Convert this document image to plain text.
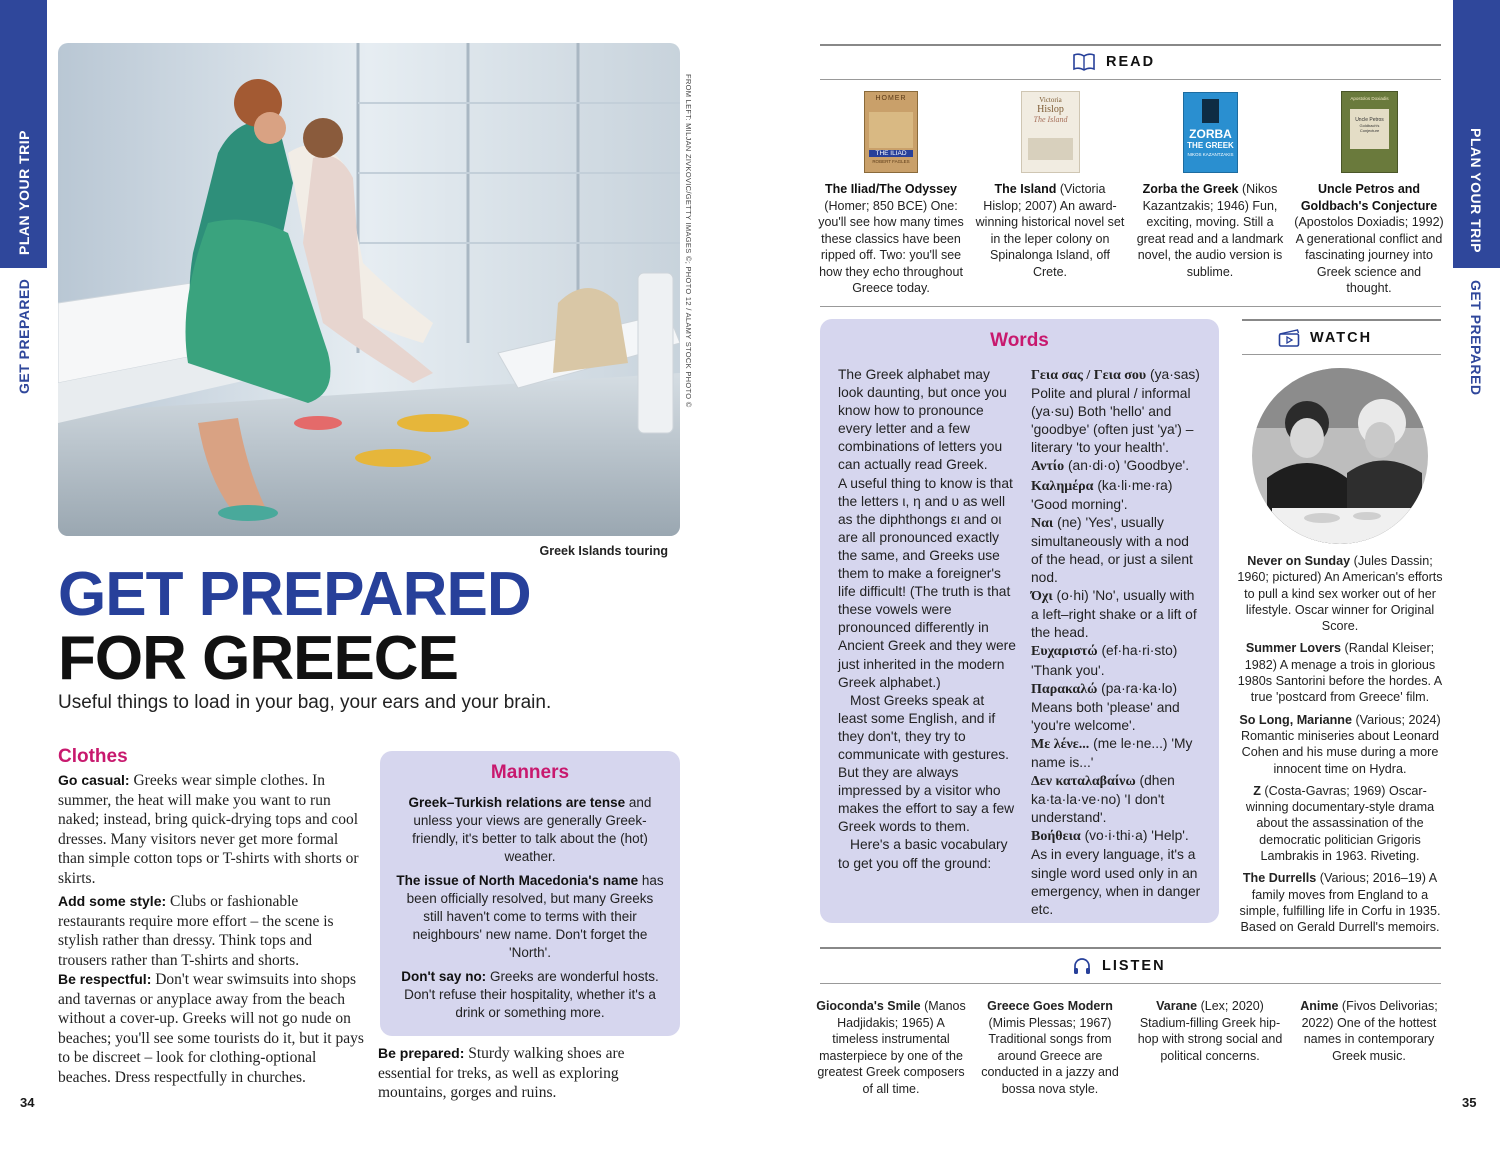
PLAN YOUR TRIP
GET PREPARED
PLAN YOUR TRIP
GET PREPARED
FROM LEFT: MILJAN ZIVKOVIC/GETTY IMAGES ©; PHOTO 12 / ALAMY STOCK PHOTO ©
Greek Islands touring
GET PREPARED
FOR GREECE
Useful things to load in your bag, your ears and your brain.
Clothes

Go casual: Greeks wear simple clothes. In summer, the heat will make you want to run naked; instead, bring quick-drying tops and cool dresses. Many visitors never get more formal than simple cotton tops or T-shirts with shorts or skirts.

Add some style: Clubs or fashionable restaurants require more effort – the scene is stylish rather than dressy. Think tops and trousers rather than T-shirts and shorts.

Be respectful: Don't wear swimsuits into shops and tavernas or anyplace away from the beach without a cover-up. Greeks will not go nude on beaches; you'll see some tourists do it, but it pays to be discreet – look for clothing-optional beaches. Dress respectfully in churches.

Manners

Greek–Turkish relations are tense and unless your views are generally Greek-friendly, it's better to talk about the (hot) weather.

The issue of North Macedonia's name has been officially resolved, but many Greeks still haven't come to terms with their neighbours' new name. Don't forget the 'North'.

Don't say no: Greeks are wonderful hosts. Don't refuse their hospitality, whether it's a drink or something more.

Be prepared: Sturdy walking shoes are essential for treks, as well as exploring mountains, gorges and ruins.
34	35
READ
HOMER
THE ILIAD
ROBERT FAGLES
Victoria
Hislop
The Island
ZORBA
THE GREEK
NIKOS KAZANTZAKIS
Apostolos Doxiadis
Uncle Petros
Goldbach's Conjecture
The Iliad/The Odyssey (Homer; 850 BCE) One: you'll see how many times these classics have been ripped off. Two: you'll see how they echo throughout Greece today.
The Island (Victoria Hislop; 2007) An award-winning historical novel set in the leper colony on Spinalonga Island, off Crete.
Zorba the Greek (Nikos Kazantzakis; 1946) Fun, exciting, moving. Still a great read and a landmark novel, the audio version is sublime.
Uncle Petros and Goldbach's Conjecture (Apostolos Doxiadis; 1992) A generational conflict and fascinating journey into Greek science and thought.
Words

The Greek alphabet may look daunting, but once you know how to pronounce every letter and a few combinations of letters you can actually read Greek.

A useful thing to know is that the letters ι, η and υ as well as the diphthongs ει and οι are all pronounced exactly the same, and Greeks use them to make a foreigner's life difficult! (The truth is that these vowels were pronounced differently in Ancient Greek and they were just inherited in the modern Greek alphabet.)

Most Greeks speak at least some English, and if they don't, they try to communicate with gestures. But they are always impressed by a visitor who makes the effort to say a few Greek words to them.

Here's a basic vocabulary to get you off the ground:

Γεια σας / Γεια σου (ya·sas) Polite and plural / informal (ya·su) Both 'hello' and 'goodbye' (often just 'ya') – literary 'to your health'.

Αντίο (an·di·o) 'Goodbye'.

Καλημέρα (ka·li·me·ra) 'Good morning'.

Ναι (ne) 'Yes', usually simultaneously with a nod of the head, or just a silent nod.

Όχι (o·hi) 'No', usually with a left–right shake or a lift of the head.

Ευχαριστώ (ef·ha·ri·sto) 'Thank you'.

Παρακαλώ (pa·ra·ka·lo) Means both 'please' and 'you're welcome'.

Με λένε... (me le·ne...) 'My name is...'

Δεν καταλαβαίνω (dhen ka·ta·la·ve·no) 'I don't understand'.

Βοήθεια (vo·i·thi·a) 'Help'. As in every language, it's a single word used only in an emergency, when in danger etc.

WATCH

Never on Sunday (Jules Dassin; 1960; pictured) An American's efforts to pull a kind sex worker out of her lifestyle. Oscar winner for Original Score.

Summer Lovers (Randal Kleiser; 1982) A menage a trois in glorious 1980s Santorini before the hordes. A true 'postcard from Greece' film.

So Long, Marianne (Various; 2024) Romantic miniseries about Leonard Cohen and his muse during a more innocent time on Hydra.

Z (Costa-Gavras; 1969) Oscar-winning documentary-style drama about the assassination of the democratic politician Grigoris Lambrakis in 1963. Riveting.

The Durrells (Various; 2016–19) A family moves from England to a simple, fulfilling life in Corfu in 1935. Based on Gerald Durrell's memoirs.

LISTEN
Gioconda's Smile (Manos Hadjidakis; 1965) A timeless instrumental masterpiece by one of the greatest Greek composers of all time.
Greece Goes Modern (Mimis Plessas; 1967) Traditional songs from around Greece are conducted in a jazzy and bossa nova style.
Varane (Lex; 2020) Stadium-filling Greek hip-hop with strong social and political concerns.
Anime (Fivos Delivorias; 2022) One of the hottest names in contemporary Greek music.
